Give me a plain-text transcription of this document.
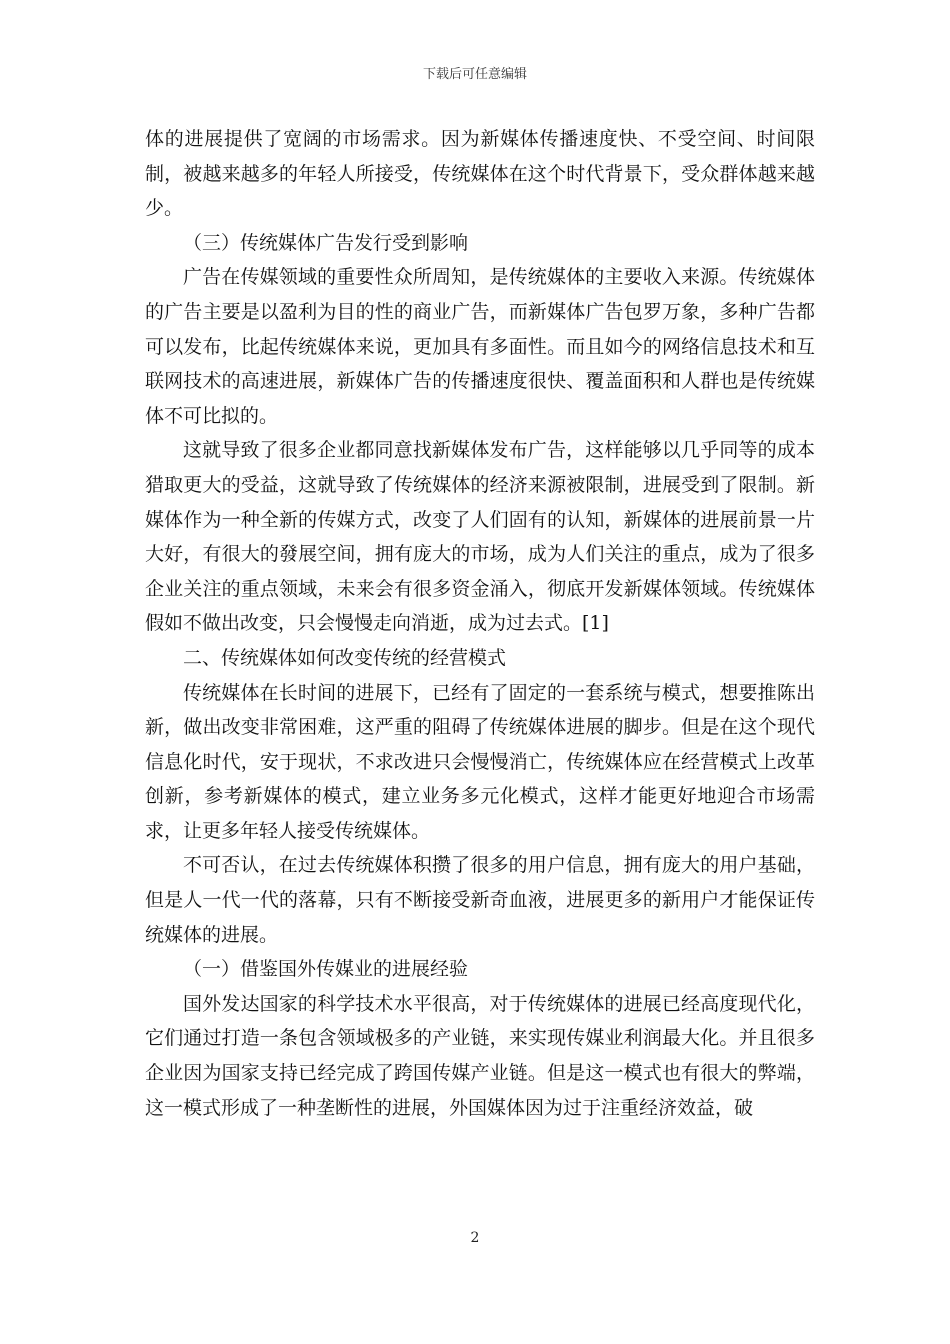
下载后可任意编辑

体的进展提供了宽阔的市场需求。因为新媒体传播速度快、不受空间、时间限制，被越来越多的年轻人所接受，传统媒体在这个时代背景下，受众群体越来越少。

（三）传统媒体广告发行受到影响

广告在传媒领域的重要性众所周知，是传统媒体的主要收入来源。传统媒体的广告主要是以盈利为目的性的商业广告，而新媒体广告包罗万象，多种广告都可以发布，比起传统媒体来说，更加具有多面性。而且如今的网络信息技术和互联网技术的高速进展，新媒体广告的传播速度很快、覆盖面积和人群也是传统媒体不可比拟的。

这就导致了很多企业都同意找新媒体发布广告，这样能够以几乎同等的成本猎取更大的受益，这就导致了传统媒体的经济来源被限制，进展受到了限制。新媒体作为一种全新的传媒方式，改变了人们固有的认知，新媒体的进展前景一片大好，有很大的發展空间，拥有庞大的市场，成为人们关注的重点，成为了很多企业关注的重点领域，未来会有很多资金涌入，彻底开发新媒体领域。传统媒体假如不做出改变，只会慢慢走向消逝，成为过去式。[1]

二、传统媒体如何改变传统的经营模式

传统媒体在长时间的进展下，已经有了固定的一套系统与模式，想要推陈出新，做出改变非常困难，这严重的阻碍了传统媒体进展的脚步。但是在这个现代信息化时代，安于现状，不求改进只会慢慢消亡，传统媒体应在经营模式上改革创新，参考新媒体的模式，建立业务多元化模式，这样才能更好地迎合市场需求，让更多年轻人接受传统媒体。

不可否认，在过去传统媒体积攒了很多的用户信息，拥有庞大的用户基础，但是人一代一代的落幕，只有不断接受新奇血液，进展更多的新用户才能保证传统媒体的进展。

（一）借鉴国外传媒业的进展经验

国外发达国家的科学技术水平很高，对于传统媒体的进展已经高度现代化，它们通过打造一条包含领域极多的产业链，来实现传媒业利润最大化。并且很多企业因为国家支持已经完成了跨国传媒产业链。但是这一模式也有很大的弊端，这一模式形成了一种垄断性的进展，外国媒体因为过于注重经济效益，破

2
